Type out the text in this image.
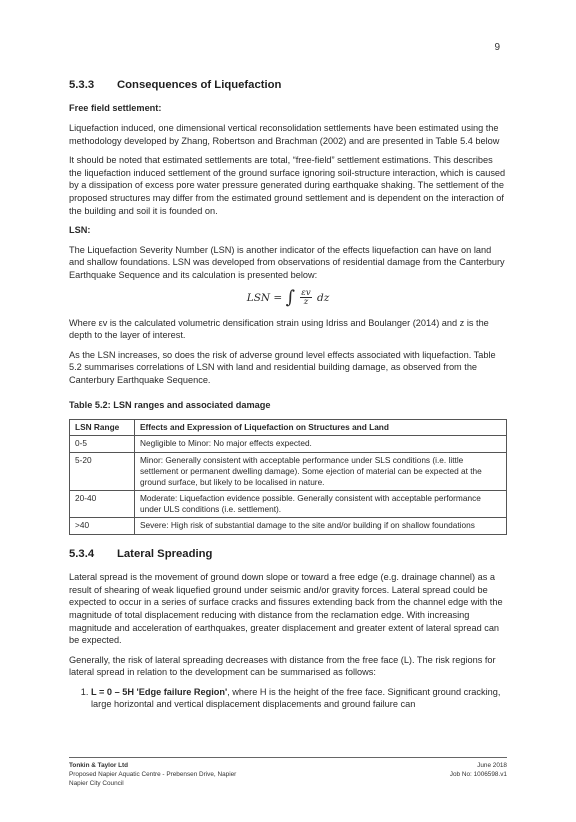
9
5.3.3 Consequences of Liquefaction

Free field settlement:

Liquefaction induced, one dimensional vertical reconsolidation settlements have been estimated using the methodology developed by Zhang, Robertson and Brachman (2002) and are presented in Table 5.4 below

It should be noted that estimated settlements are total, “free-field” settlement estimations. This describes the liquefaction induced settlement of the ground surface ignoring soil-structure interaction, which is caused by a dissipation of excess pore water pressure generated during earthquake shaking. The settlement of the proposed structures may differ from the estimated ground settlement and is dependent on the interaction of the building and soil it is founded on.

LSN:

The Liquefaction Severity Number (LSN) is another indicator of the effects liquefaction can have on land and shallow foundations. LSN was developed from observations of residential damage from the Canterbury Earthquake Sequence and its calculation is presented below:

LSN = ∫ $\frac{\varepsilon v}{z}$ dz

Where εv is the calculated volumetric densification strain using Idriss and Boulanger (2014) and z is the depth to the layer of interest.

As the LSN increases, so does the risk of adverse ground level effects associated with liquefaction. Table 5.2 summarises correlations of LSN with land and residential building damage, as observed from the Canterbury Earthquake Sequence.

Table 5.2: LSN ranges and associated damage

LSN Range	Effects and Expression of Liquefaction on Structures and Land
0-5	Negligible to Minor: No major effects expected.
5-20	Minor: Generally consistent with acceptable performance under SLS conditions (i.e. little settlement or permanent dwelling damage). Some ejection of material can be expected at the ground surface, but likely to be localised in nature.
20-40	Moderate: Liquefaction evidence possible. Generally consistent with acceptable performance under ULS conditions (i.e. settlement).
>40	Severe: High risk of substantial damage to the site and/or building if on shallow foundations
5.3.4 Lateral Spreading

Lateral spread is the movement of ground down slope or toward a free edge (e.g. drainage channel) as a result of shearing of weak liquefied ground under seismic and/or gravity forces. Lateral spread could be expected to occur in a series of surface cracks and fissures extending back from the channel edge with the magnitude of total displacement reducing with distance from the reclamation edge. With increasing magnitude and acceleration of earthquakes, greater displacement and greater extent of lateral spread can be expected.

Generally, the risk of lateral spreading decreases with distance from the free face (L). The risk regions for lateral spread in relation to the development can be summarised as follows:

1. L = 0 – 5H 'Edge failure Region', where H is the height of the free face. Significant ground cracking, large horizontal and vertical displacement displacements and ground failure can
Tonkin & Taylor Ltd
Proposed Napier Aquatic Centre - Prebensen Drive, Napier
Napier City Council
June 2018
Job No: 1006598.v1
